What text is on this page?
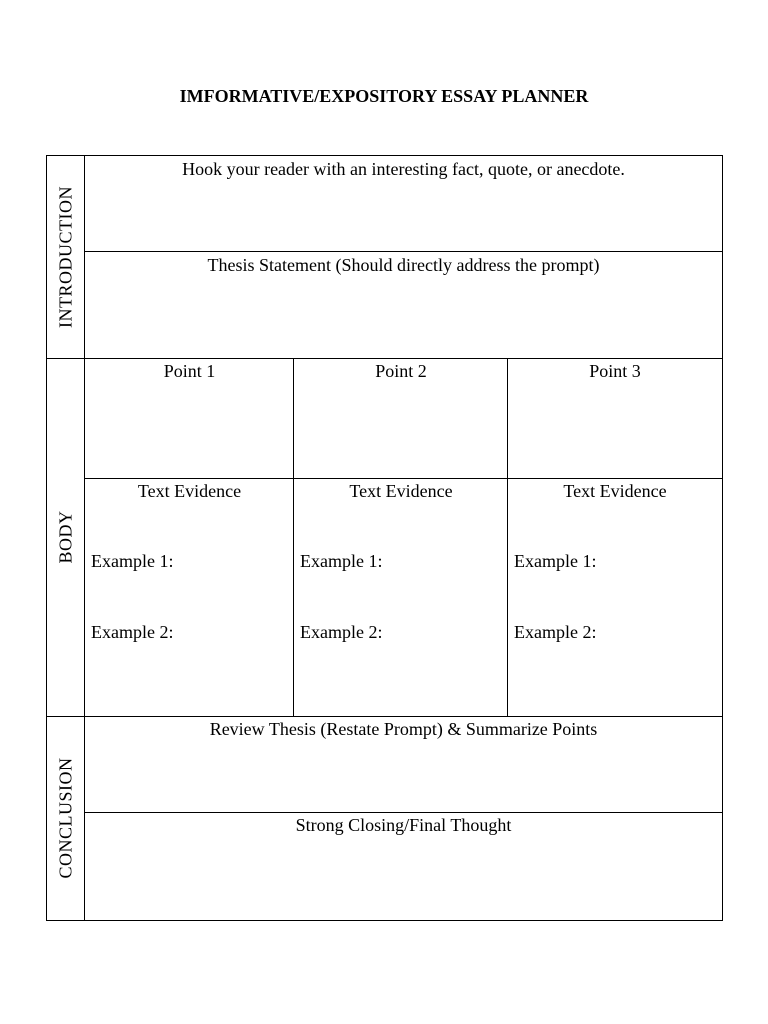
IMFORMATIVE/EXPOSITORY ESSAY PLANNER
INTRODUCTION
Hook your reader with an interesting fact, quote, or anecdote.
Thesis Statement (Should directly address the prompt)
BODY
Point 1	Point 2	Point 3
Text Evidence
Example 1:
Example 2:
Text Evidence
Example 1:
Example 2:
Text Evidence
Example 1:
Example 2:
CONCLUSION
Review Thesis (Restate Prompt) & Summarize Points
Strong Closing/Final Thought
